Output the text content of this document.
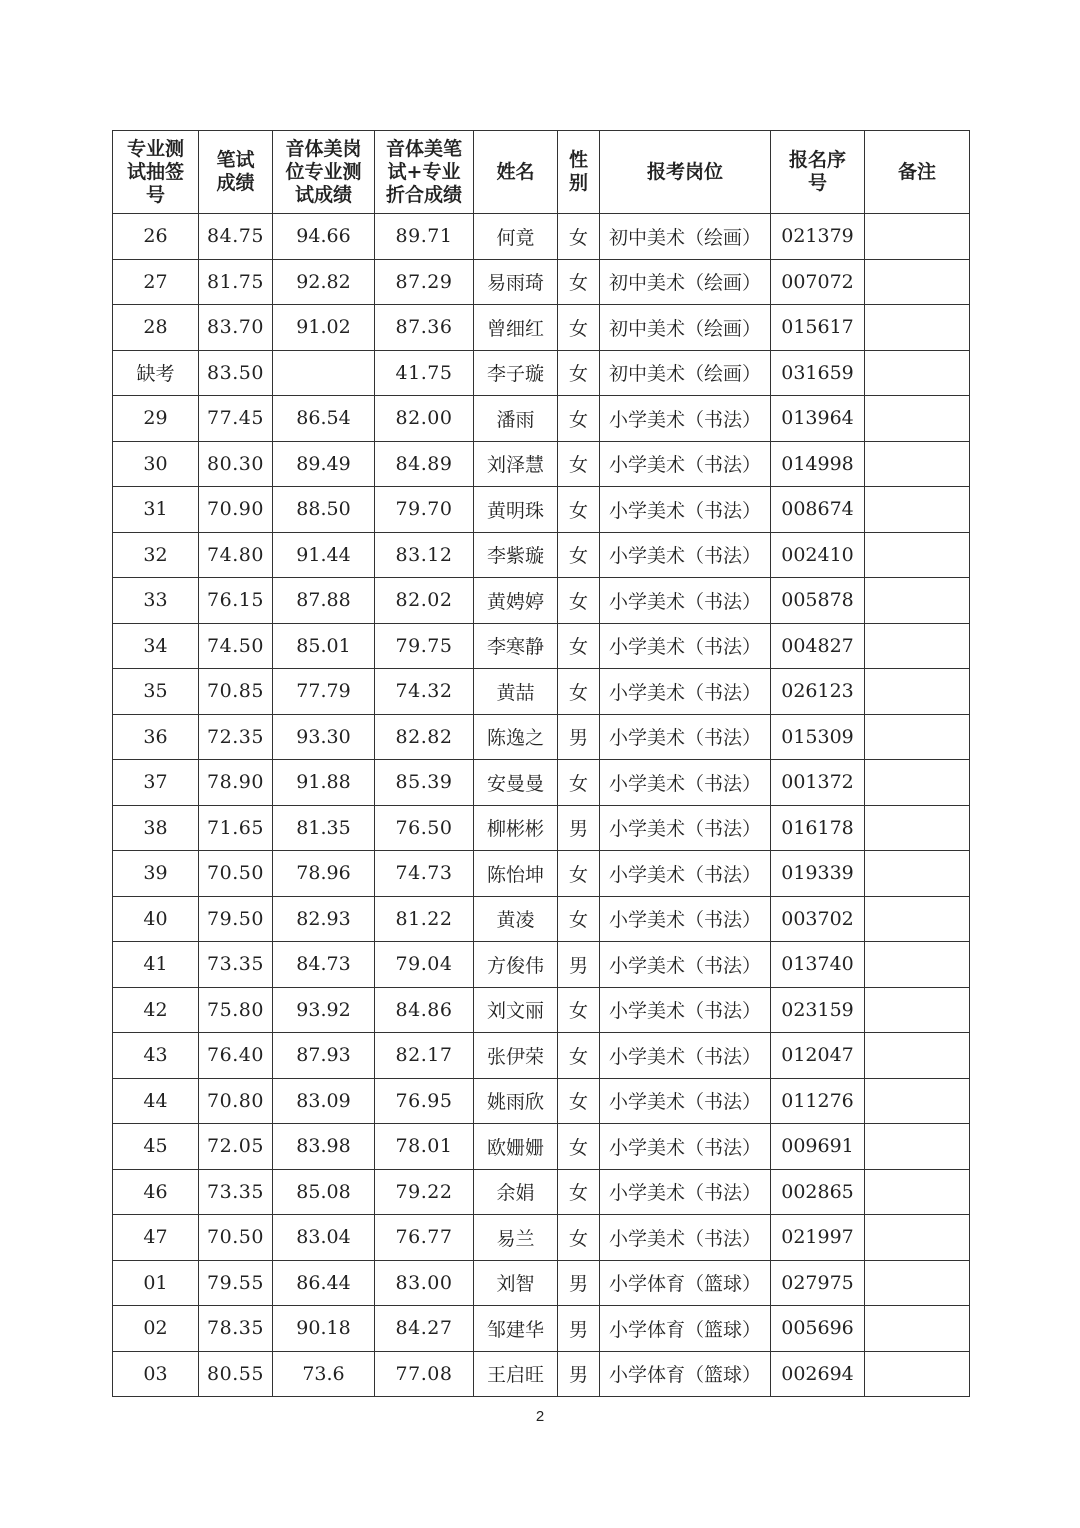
专业测试抽签号	笔试成绩	音体美岗位专业测试成绩	音体美笔试+专业折合成绩	姓名	性别	报考岗位	报名序号	备注
26	84.75	94.66	89.71	何竟	女	初中美术（绘画）	021379	
27	81.75	92.82	87.29	易雨琦	女	初中美术（绘画）	007072	
28	83.70	91.02	87.36	曾细红	女	初中美术（绘画）	015617	
缺考	83.50		41.75	李子璇	女	初中美术（绘画）	031659	
29	77.45	86.54	82.00	潘雨	女	小学美术（书法）	013964	
30	80.30	89.49	84.89	刘泽慧	女	小学美术（书法）	014998	
31	70.90	88.50	79.70	黄明珠	女	小学美术（书法）	008674	
32	74.80	91.44	83.12	李紫璇	女	小学美术（书法）	002410	
33	76.15	87.88	82.02	黄娉婷	女	小学美术（书法）	005878	
34	74.50	85.01	79.75	李寒静	女	小学美术（书法）	004827	
35	70.85	77.79	74.32	黄喆	女	小学美术（书法）	026123	
36	72.35	93.30	82.82	陈逸之	男	小学美术（书法）	015309	
37	78.90	91.88	85.39	安曼曼	女	小学美术（书法）	001372	
38	71.65	81.35	76.50	柳彬彬	男	小学美术（书法）	016178	
39	70.50	78.96	74.73	陈怡坤	女	小学美术（书法）	019339	
40	79.50	82.93	81.22	黄凌	女	小学美术（书法）	003702	
41	73.35	84.73	79.04	方俊伟	男	小学美术（书法）	013740	
42	75.80	93.92	84.86	刘文丽	女	小学美术（书法）	023159	
43	76.40	87.93	82.17	张伊荣	女	小学美术（书法）	012047	
44	70.80	83.09	76.95	姚雨欣	女	小学美术（书法）	011276	
45	72.05	83.98	78.01	欧姗姗	女	小学美术（书法）	009691	
46	73.35	85.08	79.22	余娟	女	小学美术（书法）	002865	
47	70.50	83.04	76.77	易兰	女	小学美术（书法）	021997	
01	79.55	86.44	83.00	刘智	男	小学体育（篮球）	027975	
02	78.35	90.18	84.27	邹建华	男	小学体育（篮球）	005696	
03	80.55	73.6	77.08	王启旺	男	小学体育（篮球）	002694	
2
